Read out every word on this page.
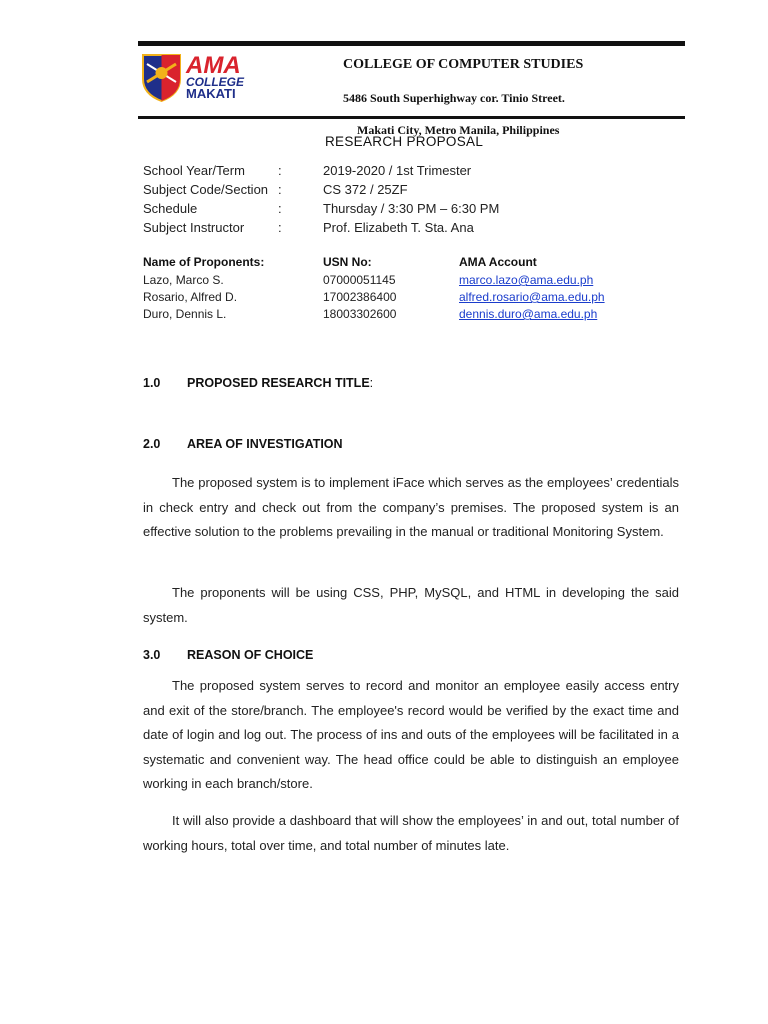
AMA
COLLEGE
MAKATI
COLLEGE OF COMPUTER STUDIES
5486 South Superhighway cor. Tinio Street.
Makati City, Metro Manila, Philippines
RESEARCH PROPOSAL
School Year/Term	:	2019-2020 / 1st Trimester
Subject Code/Section :	CS 372 / 25ZF
Schedule	:	Thursday / 3:30 PM – 6:30 PM
Subject Instructor	:	Prof. Elizabeth T. Sta. Ana
Name of Proponents:	USN No:	AMA Account
Lazo, Marco S.	07000051145	marco.lazo@ama.edu.ph
Rosario, Alfred D.	17002386400	alfred.rosario@ama.edu.ph
Duro, Dennis L.	18003302600	dennis.duro@ama.edu.ph
1.0 PROPOSED RESEARCH TITLE:
2.0 AREA OF INVESTIGATION

The proposed system is to implement iFace which serves as the employees’ credentials in check entry and check out from the company’s premises. The proposed system is an effective solution to the problems prevailing in the manual or traditional Monitoring System.

The proponents will be using CSS, PHP, MySQL, and HTML in developing the said system.

3.0 REASON OF CHOICE

The proposed system serves to record and monitor an employee easily access entry and exit of the store/branch. The employee's record would be verified by the exact time and date of login and log out. The process of ins and outs of the employees will be facilitated in a systematic and convenient way. The head office could be able to distinguish an employee working in each branch/store.

It will also provide a dashboard that will show the employees’ in and out, total number of working hours, total over time, and total number of minutes late.
